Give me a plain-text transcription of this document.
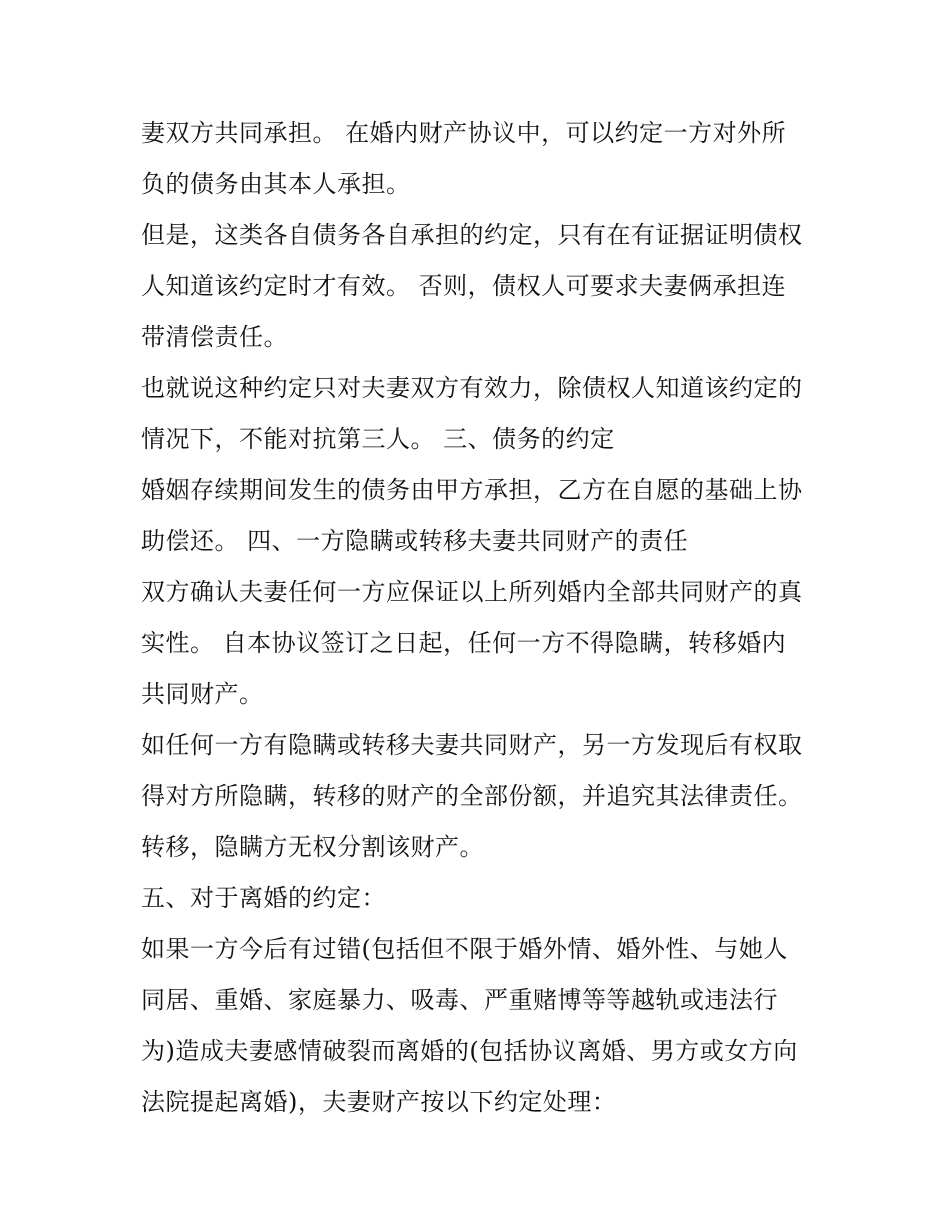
妻双方共同承担。 在婚内财产协议中，可以约定一方对外所
负的债务由其本人承担。
但是，这类各自债务各自承担的约定，只有在有证据证明债权
人知道该约定时才有效。 否则，债权人可要求夫妻俩承担连
带清偿责任。
也就说这种约定只对夫妻双方有效力，除债权人知道该约定的
情况下，不能对抗第三人。 三、债务的约定
婚姻存续期间发生的债务由甲方承担，乙方在自愿的基础上协
助偿还。 四、一方隐瞒或转移夫妻共同财产的责任
双方确认夫妻任何一方应保证以上所列婚内全部共同财产的真
实性。 自本协议签订之日起，任何一方不得隐瞒，转移婚内
共同财产。
如任何一方有隐瞒或转移夫妻共同财产，另一方发现后有权取
得对方所隐瞒，转移的财产的全部份额，并追究其法律责任。
转移，隐瞒方无权分割该财产。
五、对于离婚的约定：
如果一方今后有过错(包括但不限于婚外情、婚外性、与她人
同居、重婚、家庭暴力、吸毒、严重赌博等等越轨或违法行
为)造成夫妻感情破裂而离婚的(包括协议离婚、男方或女方向
法院提起离婚)，夫妻财产按以下约定处理：
